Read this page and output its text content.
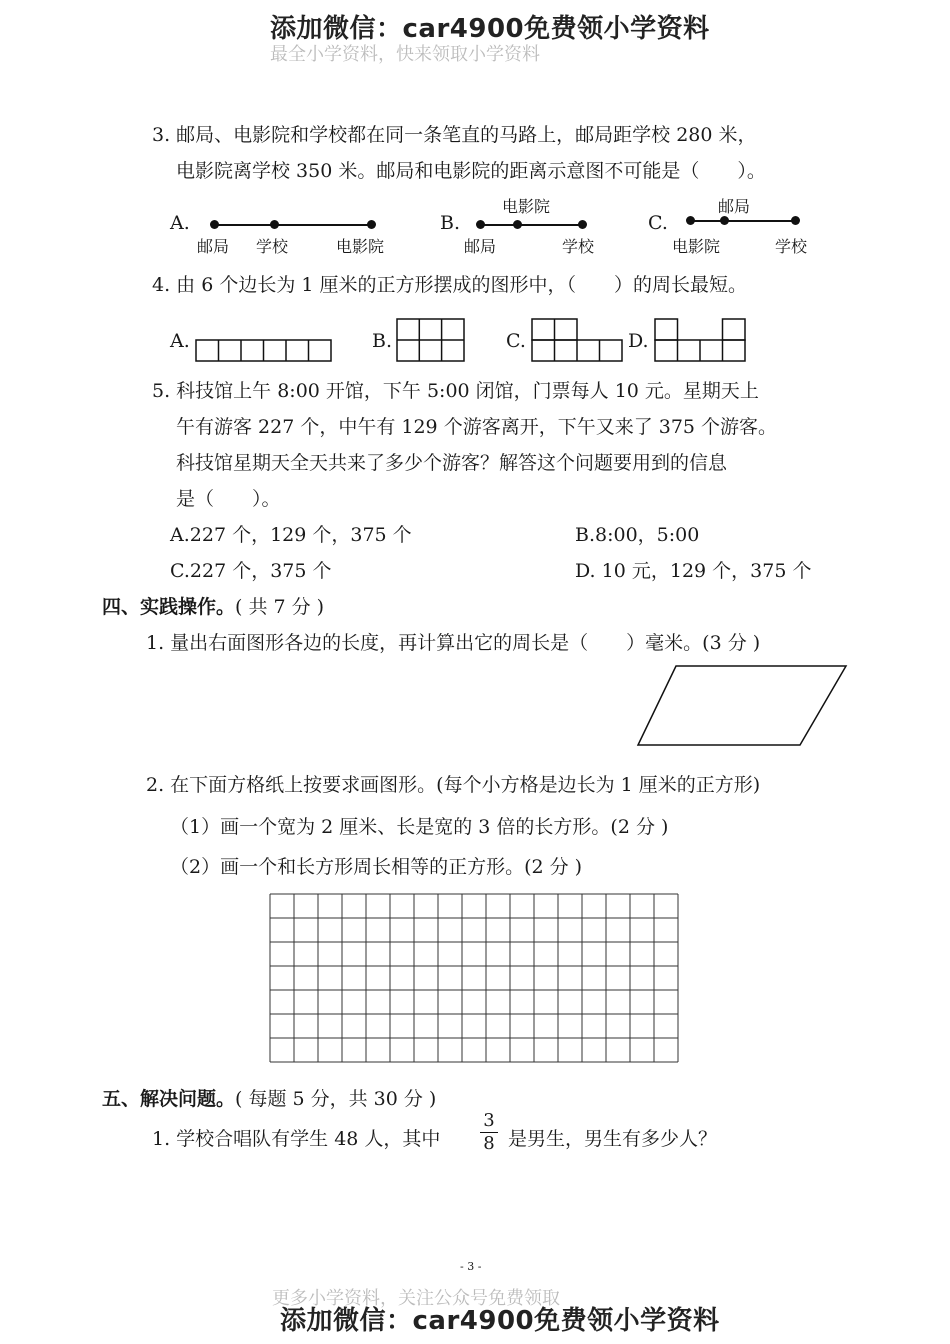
最全小学资料，快来领取小学资料
添加微信：car4900免费领小学资料
3. 邮局、电影院和学校都在同一条笔直的马路上，邮局距学校 280 米，
电影院离学校 350 米。邮局和电影院的距离示意图不可能是（　　）。
A.
邮局 学校	电影院
B.
电影院
邮局	学校
C.
邮局
电影院	学校
4. 由 6 个边长为 1 厘米的正方形摆成的图形中，（　　）的周长最短。
A.	B.	C.	D.
5. 科技馆上午 8:00 开馆，下午 5:00 闭馆，门票每人 10 元。星期天上
午有游客 227 个，中午有 129 个游客离开，下午又来了 375 个游客。
科技馆星期天全天共来了多少个游客？解答这个问题要用到的信息
是（　　）。
A.227 个，129 个，375 个	B.8:00，5:00
C.227 个，375 个	D. 10 元，129 个，375 个
四、实践操作。( 共 7 分 )
1. 量出右面图形各边的长度，再计算出它的周长是（　　）毫米。(3 分 )
2. 在下面方格纸上按要求画图形。(每个小方格是边长为 1 厘米的正方形)
（1）画一个宽为 2 厘米、长是宽的 3 倍的长方形。(2 分 )
（2）画一个和长方形周长相等的正方形。(2 分 )
五、解决问题。( 每题 5 分，共 30 分 )
1. 学校合唱队有学生 48 人，其中
3
8 是男生，男生有多少人？
- 3 -
更多小学资料，关注公众号免费领取
添加微信：car4900免费领小学资料
